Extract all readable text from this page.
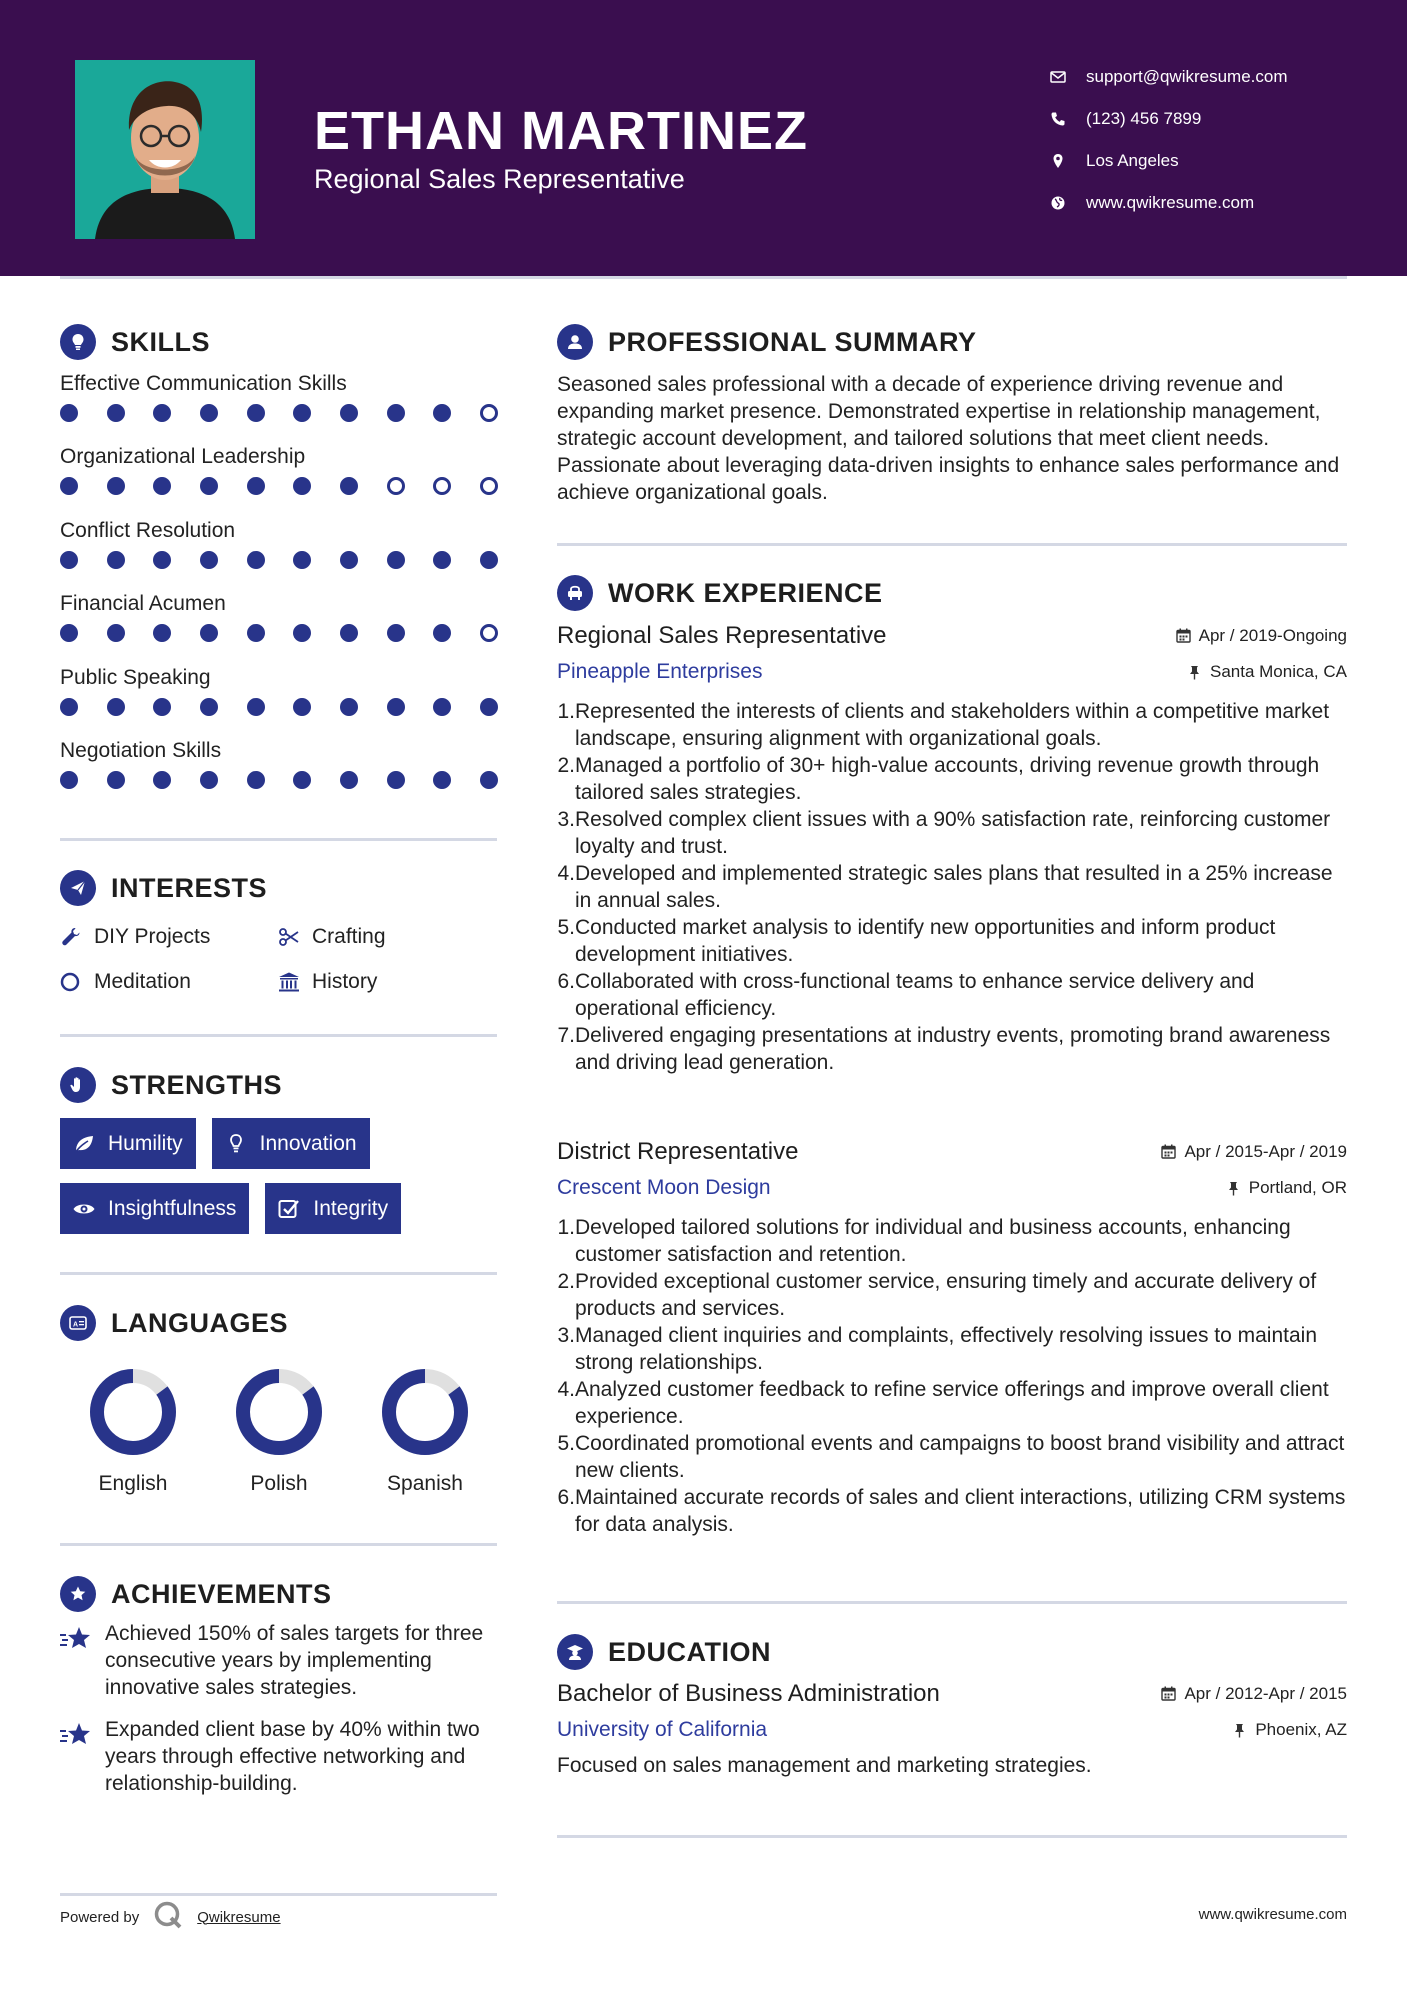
ETHAN MARTINEZ
Regional Sales Representative
support@qwikresume.com
(123) 456 7899
Los Angeles
www.qwikresume.com
SKILLS
Effective Communication Skills
Organizational Leadership
Conflict Resolution
Financial Acumen
Public Speaking
Negotiation Skills
INTERESTS
DIY Projects	Crafting
Meditation	History
STRENGTHS
Humility	Innovation
Insightfulness	Integrity
A LANGUAGES
English	Polish	Spanish
ACHIEVEMENTS
Achieved 150% of sales targets for three consecutive years by implementing innovative sales strategies.
Expanded client base by 40% within two years through effective networking and relationship-building.
Powered by	Qwikresume	www.qwikresume.com
PROFESSIONAL SUMMARY
Seasoned sales professional with a decade of experience driving revenue and expanding market presence. Demonstrated expertise in relationship management, strategic account development, and tailored solutions that meet client needs. Passionate about leveraging data-driven insights to enhance sales performance and achieve organizational goals.
WORK EXPERIENCE
Regional Sales Representative	Apr / 2019-Ongoing
Pineapple Enterprises	Santa Monica, CA
1. Represented the interests of clients and stakeholders within a competitive market landscape, ensuring alignment with organizational goals.
2. Managed a portfolio of 30+ high-value accounts, driving revenue growth through tailored sales strategies.
3. Resolved complex client issues with a 90% satisfaction rate, reinforcing customer loyalty and trust.
4. Developed and implemented strategic sales plans that resulted in a 25% increase in annual sales.
5. Conducted market analysis to identify new opportunities and inform product development initiatives.
6. Collaborated with cross-functional teams to enhance service delivery and operational efficiency.
7. Delivered engaging presentations at industry events, promoting brand awareness and driving lead generation.
District Representative	Apr / 2015-Apr / 2019
Crescent Moon Design	Portland, OR
1. Developed tailored solutions for individual and business accounts, enhancing customer satisfaction and retention.
2. Provided exceptional customer service, ensuring timely and accurate delivery of products and services.
3. Managed client inquiries and complaints, effectively resolving issues to maintain strong relationships.
4. Analyzed customer feedback to refine service offerings and improve overall client experience.
5. Coordinated promotional events and campaigns to boost brand visibility and attract new clients.
6. Maintained accurate records of sales and client interactions, utilizing CRM systems for data analysis.
EDUCATION
Bachelor of Business Administration	Apr / 2012-Apr / 2015
University of California	Phoenix, AZ
Focused on sales management and marketing strategies.
